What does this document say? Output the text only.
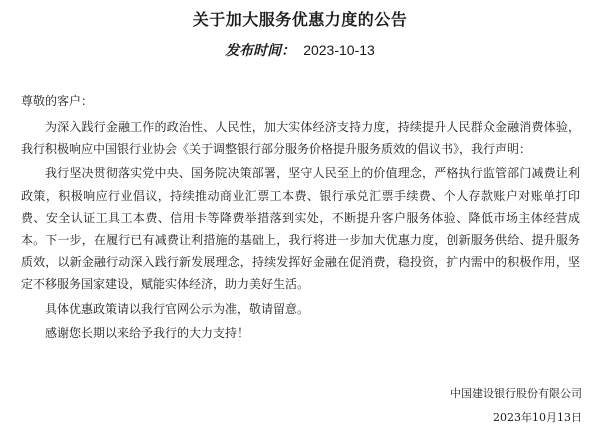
关于加大服务优惠力度的公告
发布时间： 2023-10-13
尊敬的客户：

为深入践行金融工作的政治性、人民性，加大实体经济支持力度，持续提升人民群众金融消费体验，我行积极响应中国银行业协会《关于调整银行部分服务价格提升服务质效的倡议书》，我行声明：

我行坚决贯彻落实党中央、国务院决策部署，坚守人民至上的价值理念，严格执行监管部门减费让利政策，积极响应行业倡议，持续推动商业汇票工本费、银行承兑汇票手续费、个人存款账户对账单打印费、安全认证工具工本费、信用卡等降费举措落到实处，不断提升客户服务体验、降低市场主体经营成本。下一步，在履行已有减费让利措施的基础上，我行将进一步加大优惠力度，创新服务供给、提升服务质效，以新金融行动深入践行新发展理念，持续发挥好金融在促消费，稳投资，扩内需中的积极作用，坚定不移服务国家建设，赋能实体经济，助力美好生活。

具体优惠政策请以我行官网公示为准，敬请留意。

感谢您长期以来给予我行的大力支持！

中国建设银行股份有限公司
2023年10月13日
